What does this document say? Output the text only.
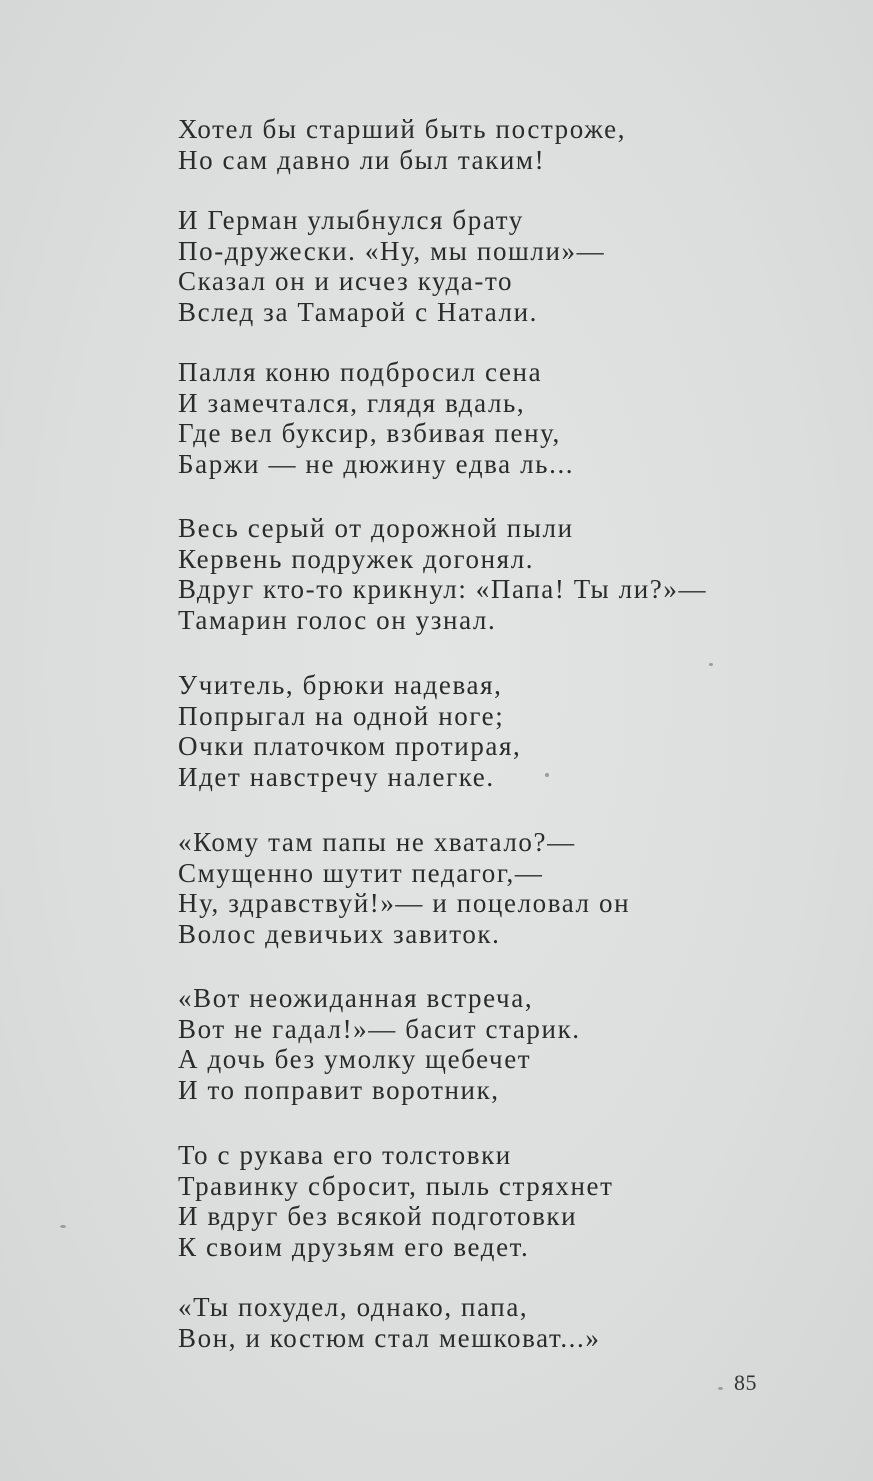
Хотел бы старший быть построже,
Но сам давно ли был таким!
И Герман улыбнулся брату
По-дружески. «Ну, мы пошли»—
Сказал он и исчез куда-то
Вслед за Тамарой с Натали.
Палля коню подбросил сена
И замечтался, глядя вдаль,
Где вел буксир, взбивая пену,
Баржи — не дюжину едва ль...
Весь серый от дорожной пыли
Кервень подружек догонял.
Вдруг кто-то крикнул: «Папа! Ты ли?»—
Тамарин голос он узнал.
Учитель, брюки надевая,
Попрыгал на одной ноге;
Очки платочком протирая,
Идет навстречу налегке.
«Кому там папы не хватало?—
Смущенно шутит педагог,—
Ну, здравствуй!»— и поцеловал он
Волос девичьих завиток.
«Вот неожиданная встреча,
Вот не гадал!»— басит старик.
А дочь без умолку щебечет
И то поправит воротник,
То с рукава его толстовки
Травинку сбросит, пыль стряхнет
И вдруг без всякой подготовки
К своим друзьям его ведет.
«Ты похудел, однако, папа,
Вон, и костюм стал мешковат...»
85
